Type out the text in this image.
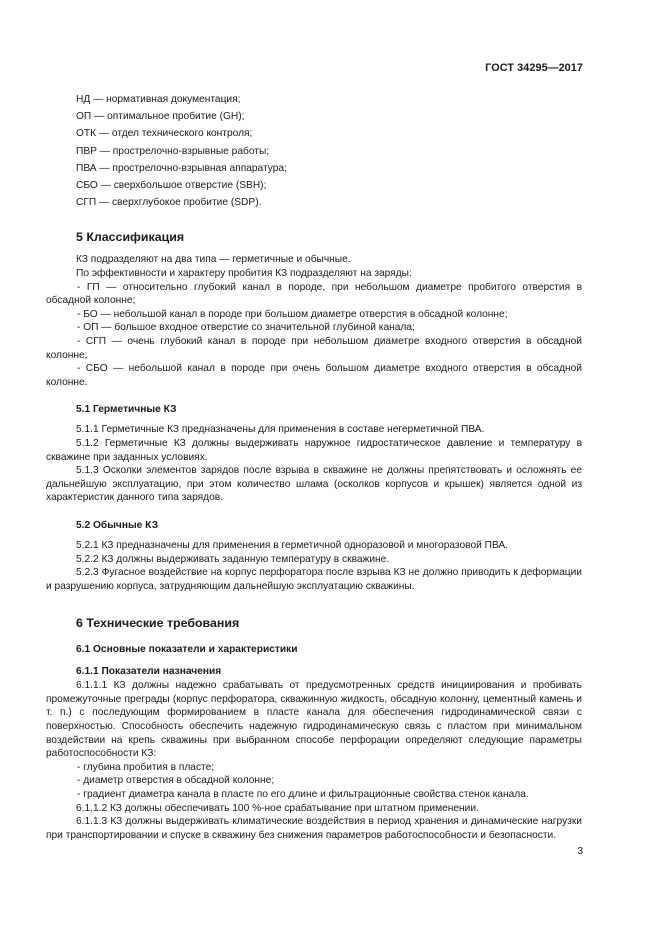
ГОСТ 34295—2017
НД — нормативная документация;
ОП — оптимальное пробитие (GH);
ОТК — отдел технического контроля;
ПВР — прострелочно-взрывные работы;
ПВА — прострелочно-взрывная аппаратура;
СБО — сверхбольшое отверстие (SBH);
СГП — сверхглубокое пробитие (SDP).
5 Классификация

КЗ подразделяют на два типа — герметичные и обычные.

По эффективности и характеру пробития КЗ подразделяют на заряды:

- ГП — относительно глубокий канал в породе, при небольшом диаметре пробитого отверстия в обсадной колонне;

- БО — небольшой канал в породе при большом диаметре отверстия в обсадной колонне;

- ОП — большое входное отверстие со значительной глубиной канала;

- СГП — очень глубокий канал в породе при небольшом диаметре входного отверстия в обсадной колонне;

- СБО — небольшой канал в породе при очень большом диаметре входного отверстия в обсадной колонне.

5.1 Герметичные КЗ

5.1.1 Герметичные КЗ предназначены для применения в составе негерметичной ПВА.

5.1.2 Герметичные КЗ должны выдерживать наружное гидростатическое давление и температуру в скважине при заданных условиях.

5.1.3 Осколки элементов зарядов после взрыва в скважине не должны препятствовать и осложнять ее дальнейшую эксплуатацию, при этом количество шлама (осколков корпусов и крышек) является одной из характеристик данного типа зарядов.

5.2 Обычные КЗ

5.2.1 КЗ предназначены для применения в герметичной одноразовой и многоразовой ПВА.

5.2.2 КЗ должны выдерживать заданную температуру в скважине.

5.2.3 Фугасное воздействие на корпус перфоратора после взрыва КЗ не должно приводить к деформации и разрушению корпуса, затрудняющим дальнейшую эксплуатацию скважины.

6 Технические требования
6.1 Основные показатели и характеристики
6.1.1 Показатели назначения

6.1.1.1 КЗ должны надежно срабатывать от предусмотренных средств инициирования и пробивать промежуточные преграды (корпус перфоратора, скважинную жидкость, обсадную колонну, цементный камень и т. п.) с последующим формированием в пласте канала для обеспечения гидродинамической связи с поверхностью. Способность обеспечить надежную гидродинамическую связь с пластом при минимальном воздействии на крепь скважины при выбранном способе перфорации определяют следующие параметры работоспособности КЗ:

- глубина пробития в пласте;

- диаметр отверстия в обсадной колонне;

- градиент диаметра канала в пласте по его длине и фильтрационные свойства стенок канала.

6.1.1.2 КЗ должны обеспечивать 100 %-ное срабатывание при штатном применении.

6.1.1.3 КЗ должны выдерживать климатические воздействия в период хранения и динамические нагрузки при транспортировании и спуске в скважину без снижения параметров работоспособности и безопасности.

3
